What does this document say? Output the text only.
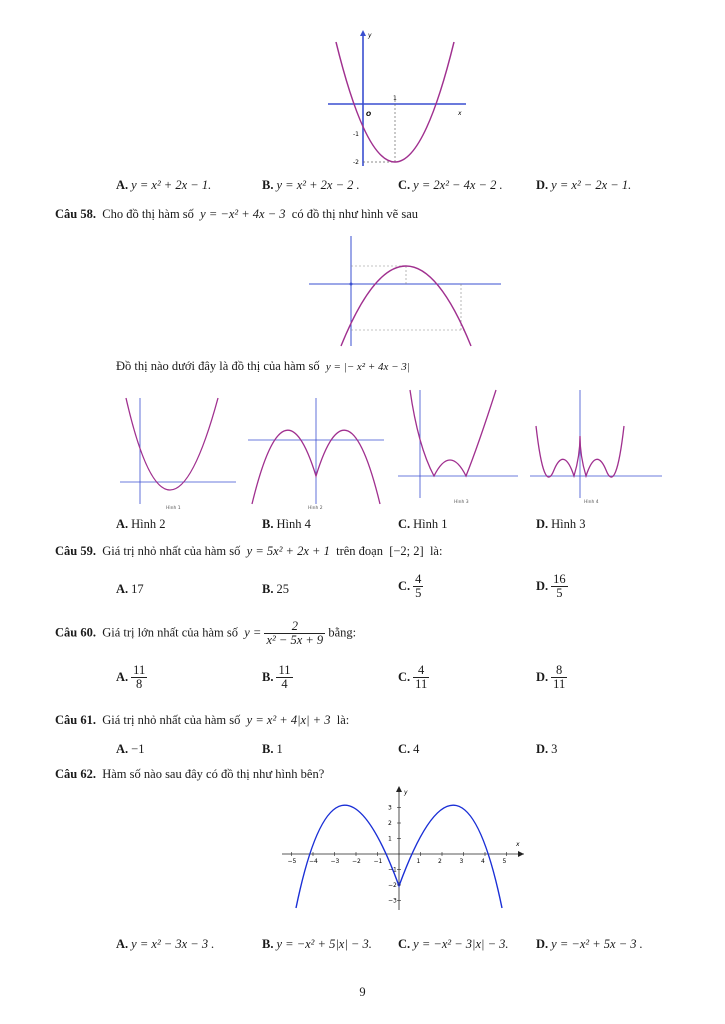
y
x
O
1
-1
-2
A. y = x² + 2x − 1.	B. y = x² + 2x − 2 .	C. y = 2x² − 4x − 2 .	D. y = x² − 2x − 1.
Câu 58. Cho đồ thị hàm số y = −x² + 4x − 3 có đồ thị như hình vẽ sau
Đồ thị nào dưới đây là đồ thị của hàm số y = |− x² + 4x − 3|
Hình 1	Hình 2
Hình 3	Hình 4
A. Hình 2	B. Hình 4	C. Hình 1	D. Hình 3
Câu 59. Giá trị nhỏ nhất của hàm số y = 5x² + 2x + 1 trên đoạn [−2; 2] là:
A. 17	B. 25	C. $\frac{4}{5}$	D. $\frac{16}{5}$
Câu 60. Giá trị lớn nhất của hàm số $y = \frac{2}{\text{x² − 5x + 9}}$ bằng:
A. $\frac{11}{8}$	B. $\frac{11}{4}$	C. $\frac{4}{11}$	D. $\frac{8}{11}$
Câu 61. Giá trị nhỏ nhất của hàm số y = x² + 4|x| + 3 là:
A. −1	B. 1	C. 4	D. 3
Câu 62. Hàm số nào sau đây có đồ thị như hình bên?
x
y
−5 −4 −3 −2 −1	1	2	3	4	5
3
2
1
−1
−2
−3
A. y = x² − 3x − 3 .	B. y = −x² + 5|x| − 3. C. y = −x² − 3|x| − 3. D. y = −x² + 5x − 3 .
9
